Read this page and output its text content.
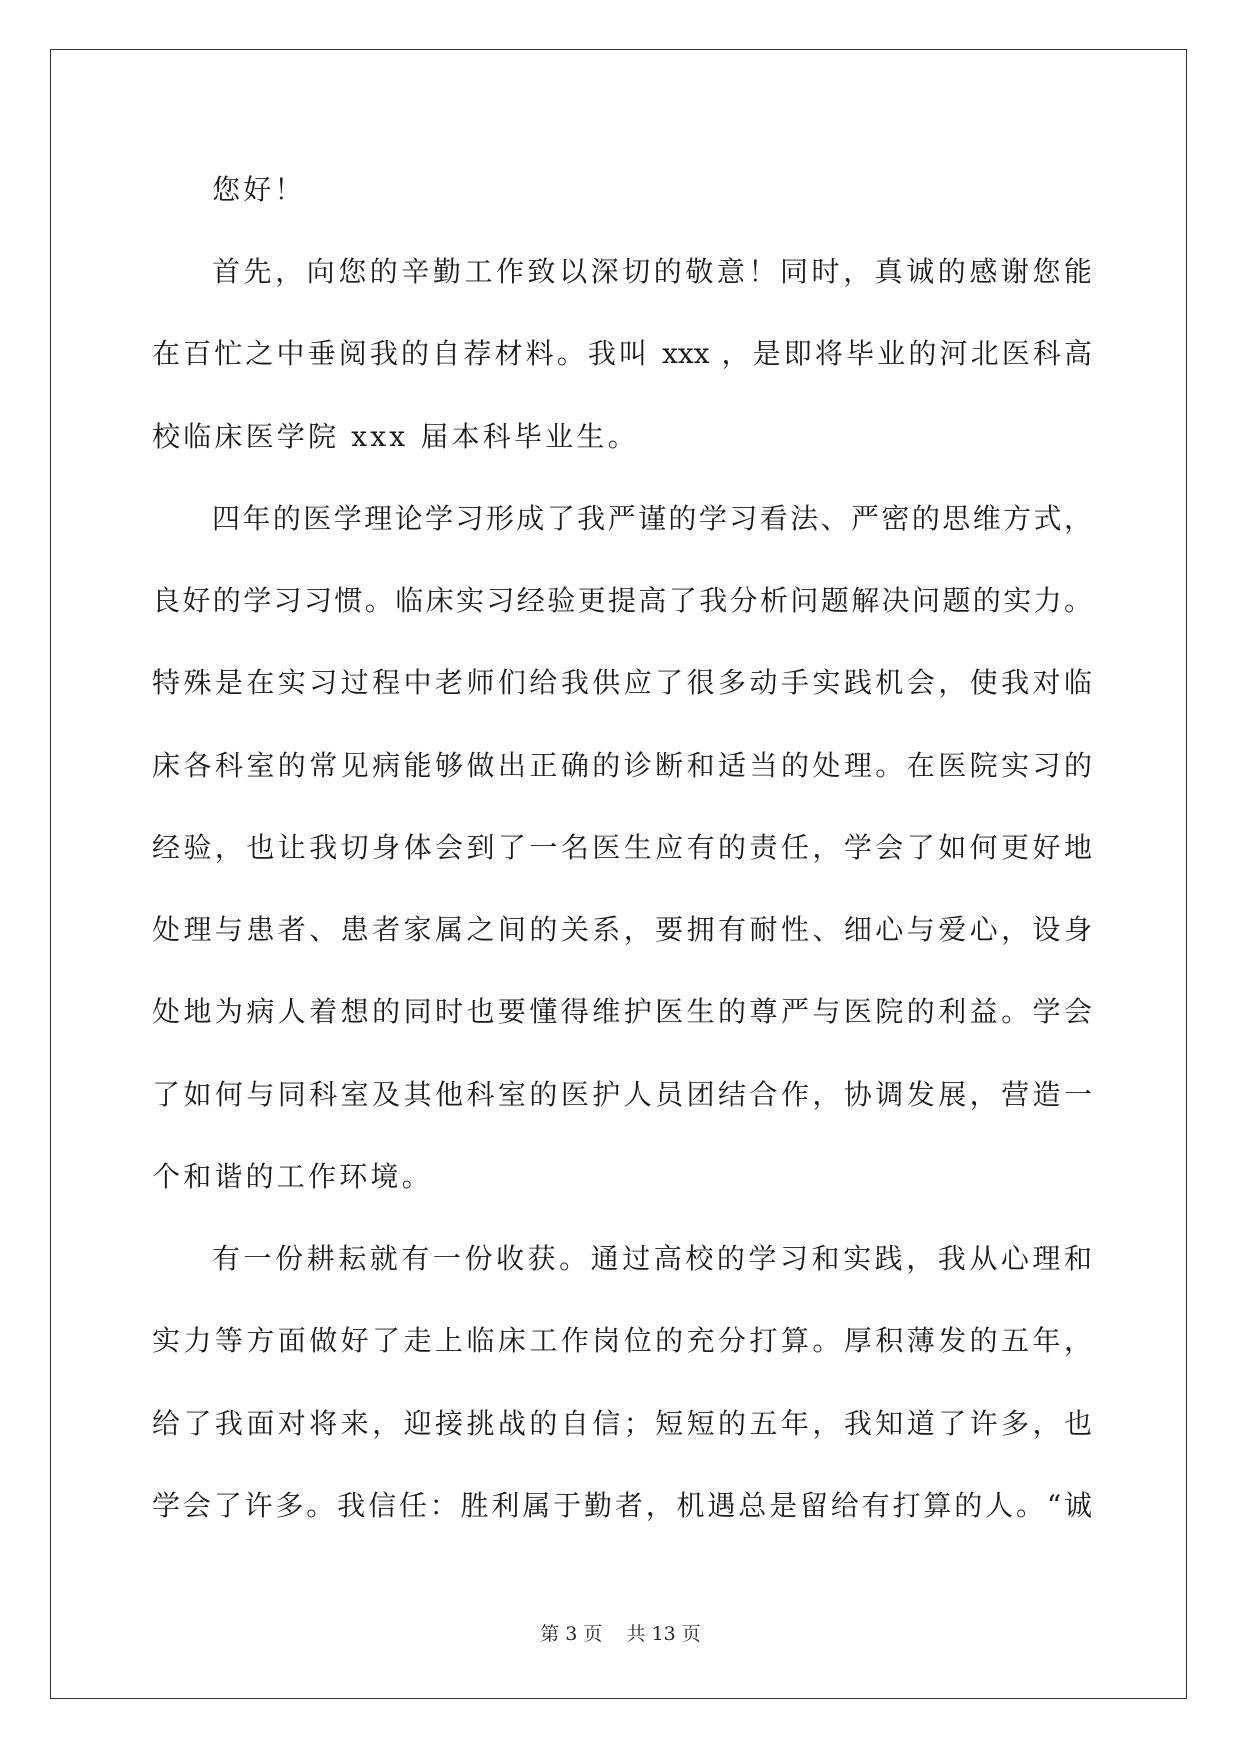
您好！
首先，向您的辛勤工作致以深切的敬意！同时，真诚的感谢您能
在百忙之中垂阅我的自荐材料。我叫 xxx ，是即将毕业的河北医科高
校临床医学院 xxx 届本科毕业生。
四年的医学理论学习形成了我严谨的学习看法、严密的思维方式，
良好的学习习惯。临床实习经验更提高了我分析问题解决问题的实力。
特殊是在实习过程中老师们给我供应了很多动手实践机会，使我对临
床各科室的常见病能够做出正确的诊断和适当的处理。在医院实习的
经验，也让我切身体会到了一名医生应有的责任，学会了如何更好地
处理与患者、患者家属之间的关系，要拥有耐性、细心与爱心，设身
处地为病人着想的同时也要懂得维护医生的尊严与医院的利益。学会
了如何与同科室及其他科室的医护人员团结合作，协调发展，营造一
个和谐的工作环境。
有一份耕耘就有一份收获。通过高校的学习和实践，我从心理和
实力等方面做好了走上临床工作岗位的充分打算。厚积薄发的五年，
给了我面对将来，迎接挑战的自信；短短的五年，我知道了许多，也
学会了许多。我信任：胜利属于勤者，机遇总是留给有打算的人。“诚
第 3 页    共 13 页
